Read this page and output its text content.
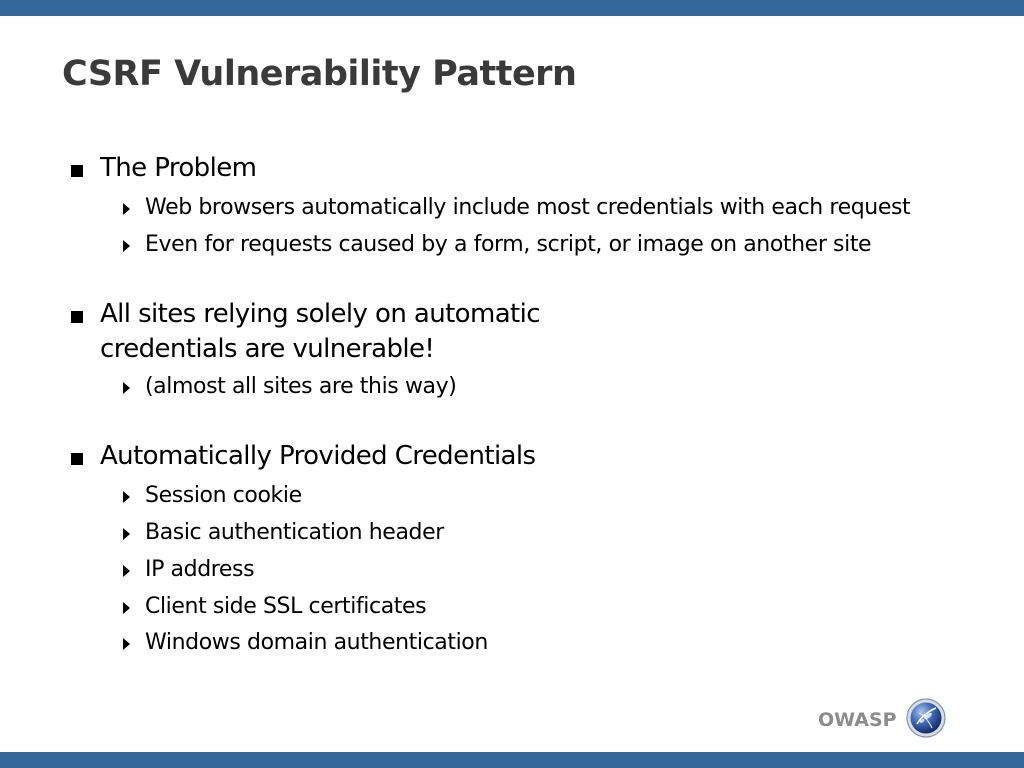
CSRF Vulnerability Pattern
The Problem
Web browsers automatically include most credentials with each request
Even for requests caused by a form, script, or image on another site
All sites relying solely on automatic
credentials are vulnerable!
(almost all sites are this way)
Automatically Provided Credentials
Session cookie
Basic authentication header
IP address
Client side SSL certificates
Windows domain authentication
OWASP
